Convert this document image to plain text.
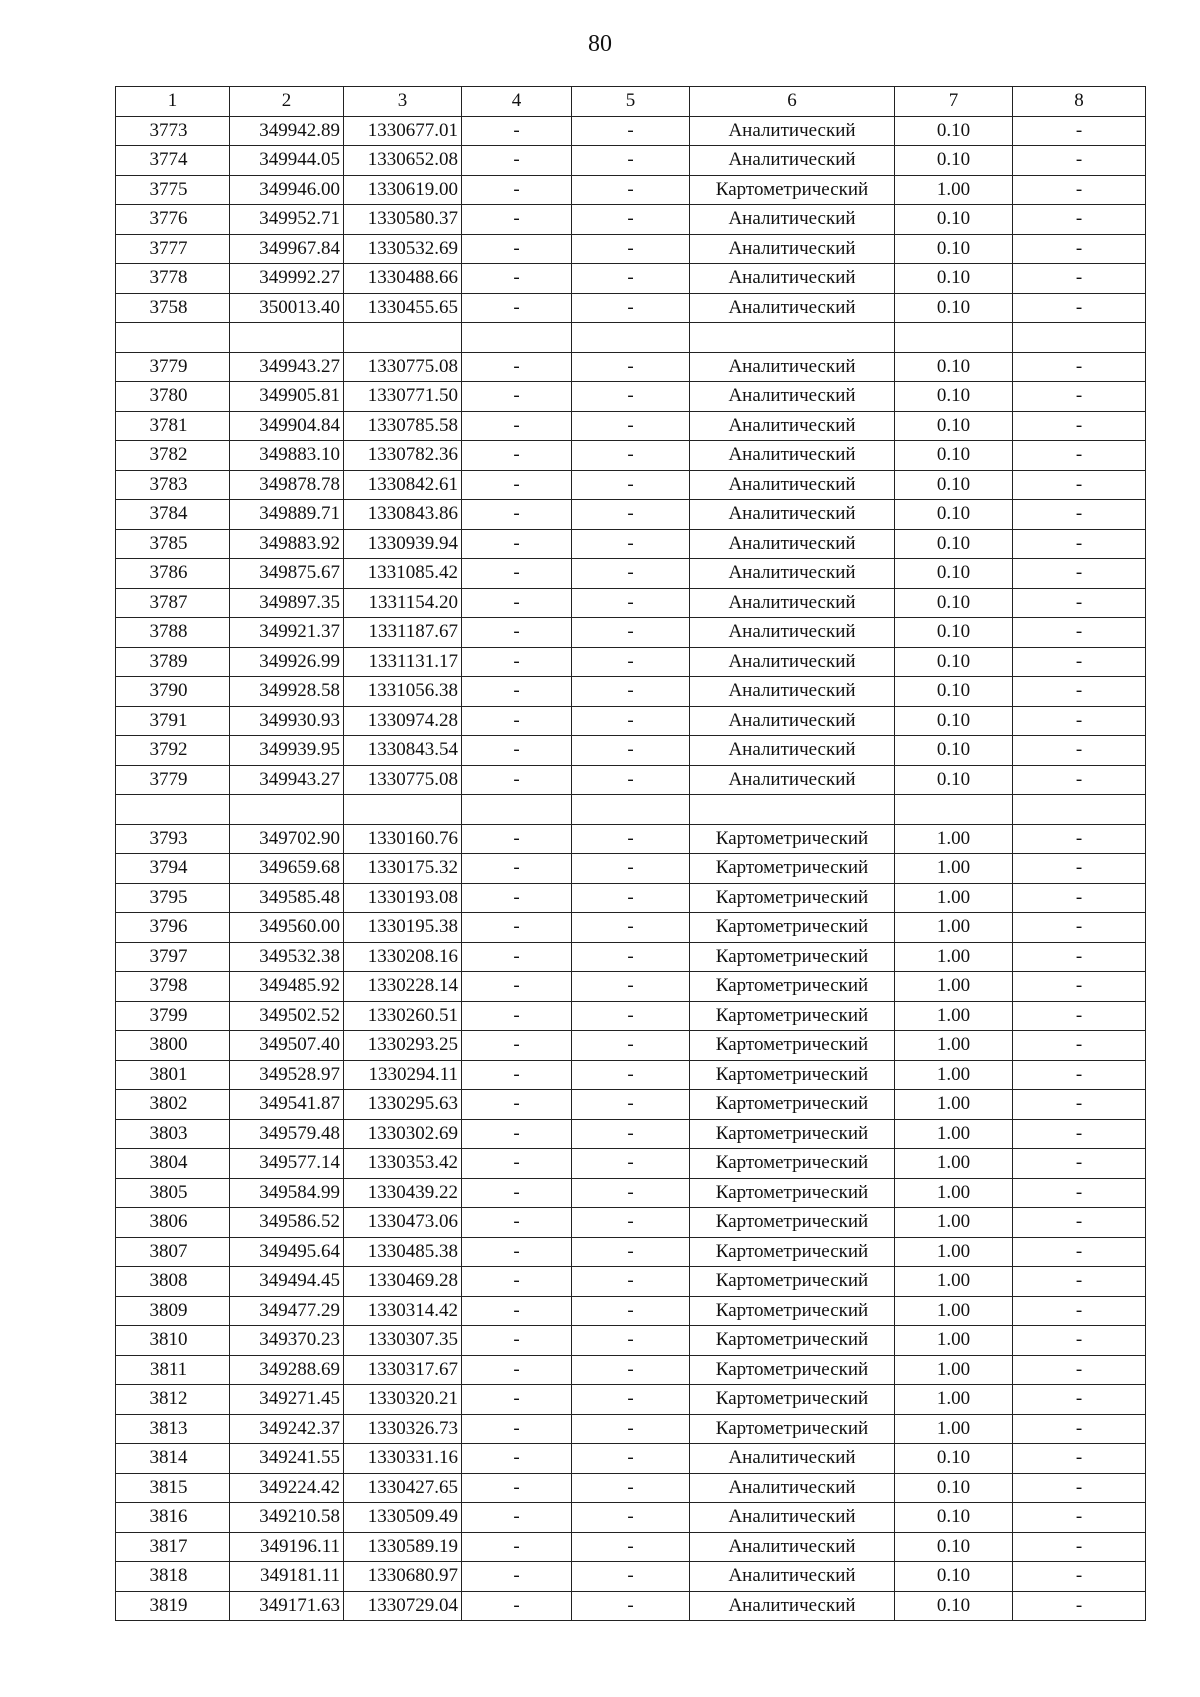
80
1	2	3	4	5	6	7	8
3773	349942.89	1330677.01	-	-	Аналитический	0.10	-
3774	349944.05	1330652.08	-	-	Аналитический	0.10	-
3775	349946.00	1330619.00	-	-	Картометрический	1.00	-
3776	349952.71	1330580.37	-	-	Аналитический	0.10	-
3777	349967.84	1330532.69	-	-	Аналитический	0.10	-
3778	349992.27	1330488.66	-	-	Аналитический	0.10	-
3758	350013.40	1330455.65	-	-	Аналитический	0.10	-

3779	349943.27	1330775.08	-	-	Аналитический	0.10	-
3780	349905.81	1330771.50	-	-	Аналитический	0.10	-
3781	349904.84	1330785.58	-	-	Аналитический	0.10	-
3782	349883.10	1330782.36	-	-	Аналитический	0.10	-
3783	349878.78	1330842.61	-	-	Аналитический	0.10	-
3784	349889.71	1330843.86	-	-	Аналитический	0.10	-
3785	349883.92	1330939.94	-	-	Аналитический	0.10	-
3786	349875.67	1331085.42	-	-	Аналитический	0.10	-
3787	349897.35	1331154.20	-	-	Аналитический	0.10	-
3788	349921.37	1331187.67	-	-	Аналитический	0.10	-
3789	349926.99	1331131.17	-	-	Аналитический	0.10	-
3790	349928.58	1331056.38	-	-	Аналитический	0.10	-
3791	349930.93	1330974.28	-	-	Аналитический	0.10	-
3792	349939.95	1330843.54	-	-	Аналитический	0.10	-
3779	349943.27	1330775.08	-	-	Аналитический	0.10	-

3793	349702.90	1330160.76	-	-	Картометрический	1.00	-
3794	349659.68	1330175.32	-	-	Картометрический	1.00	-
3795	349585.48	1330193.08	-	-	Картометрический	1.00	-
3796	349560.00	1330195.38	-	-	Картометрический	1.00	-
3797	349532.38	1330208.16	-	-	Картометрический	1.00	-
3798	349485.92	1330228.14	-	-	Картометрический	1.00	-
3799	349502.52	1330260.51	-	-	Картометрический	1.00	-
3800	349507.40	1330293.25	-	-	Картометрический	1.00	-
3801	349528.97	1330294.11	-	-	Картометрический	1.00	-
3802	349541.87	1330295.63	-	-	Картометрический	1.00	-
3803	349579.48	1330302.69	-	-	Картометрический	1.00	-
3804	349577.14	1330353.42	-	-	Картометрический	1.00	-
3805	349584.99	1330439.22	-	-	Картометрический	1.00	-
3806	349586.52	1330473.06	-	-	Картометрический	1.00	-
3807	349495.64	1330485.38	-	-	Картометрический	1.00	-
3808	349494.45	1330469.28	-	-	Картометрический	1.00	-
3809	349477.29	1330314.42	-	-	Картометрический	1.00	-
3810	349370.23	1330307.35	-	-	Картометрический	1.00	-
3811	349288.69	1330317.67	-	-	Картометрический	1.00	-
3812	349271.45	1330320.21	-	-	Картометрический	1.00	-
3813	349242.37	1330326.73	-	-	Картометрический	1.00	-
3814	349241.55	1330331.16	-	-	Аналитический	0.10	-
3815	349224.42	1330427.65	-	-	Аналитический	0.10	-
3816	349210.58	1330509.49	-	-	Аналитический	0.10	-
3817	349196.11	1330589.19	-	-	Аналитический	0.10	-
3818	349181.11	1330680.97	-	-	Аналитический	0.10	-
3819	349171.63	1330729.04	-	-	Аналитический	0.10	-
